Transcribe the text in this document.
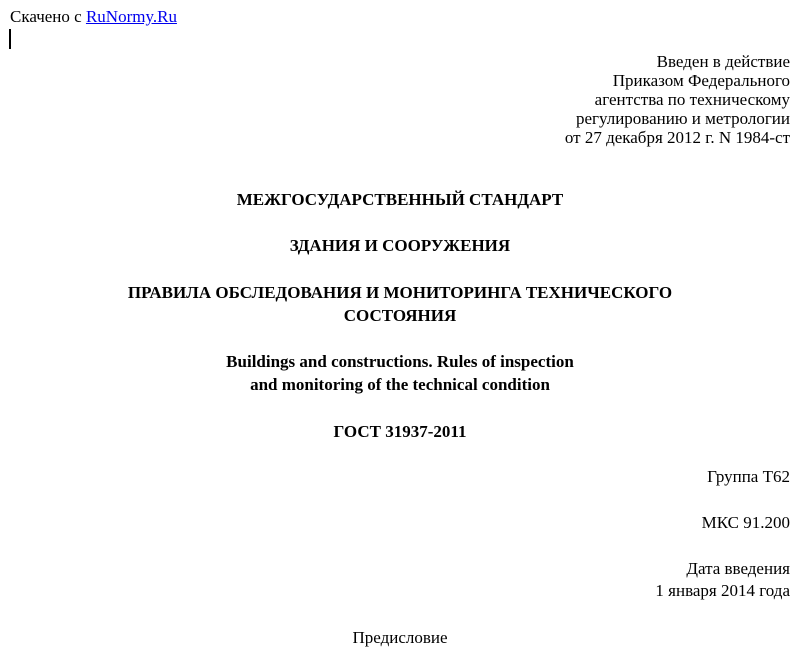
Скачено с RuNormy.Ru
Введен в действие
Приказом Федерального
агентства по техническому
регулированию и метрологии
от 27 декабря 2012 г. N 1984-ст
МЕЖГОСУДАРСТВЕННЫЙ СТАНДАРТ
ЗДАНИЯ И СООРУЖЕНИЯ
ПРАВИЛА ОБСЛЕДОВАНИЯ И МОНИТОРИНГА ТЕХНИЧЕСКОГО
СОСТОЯНИЯ
Buildings and constructions. Rules of inspection
and monitoring of the technical condition
ГОСТ 31937-2011
Группа Т62
МКС 91.200
Дата введения
1 января 2014 года
Предисловие
